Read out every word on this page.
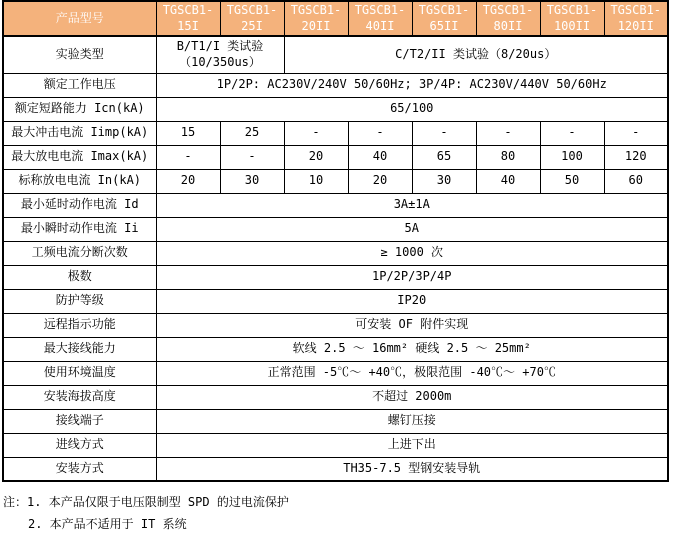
产品型号	TGSCB1-15I	TGSCB1-25I	TGSCB1-20II	TGSCB1-40II	TGSCB1-65II	TGSCB1-80II	TGSCB1-100II	TGSCB1-120II
实验类型	B/T1/I 类试验（10/350us）		C/T2/II 类试验（8/20us）					
额定工作电压	1P/2P: AC230V/240V 50/60Hz; 3P/4P: AC230V/440V 50/60Hz							
额定短路能力 Icn(kA)	65/100							
最大冲击电流 Iimp(kA)	15	25	-	-	-	-	-	-
最大放电电流 Imax(kA)	-	-	20	40	65	80	100	120
标称放电电流 In(kA)	20	30	10	20	30	40	50	60
最小延时动作电流 Id	3A±1A							
最小瞬时动作电流 Ii	5A							
工频电流分断次数	≥ 1000 次							
极数	1P/2P/3P/4P							
防护等级	IP20							
远程指示功能	可安装 OF 附件实现							
最大接线能力	软线 2.5 ～ 16mm² 硬线 2.5 ～ 25mm²							
使用环境温度	正常范围 -5℃～ +40℃，极限范围 -40℃～ +70℃							
安装海拔高度	不超过 2000m							
接线端子	螺钉压接							
进线方式	上进下出							
安装方式	TH35-7.5 型钢安装导轨							
注：1. 本产品仅限于电压限制型 SPD 的过电流保护
2. 本产品不适用于 IT 系统
